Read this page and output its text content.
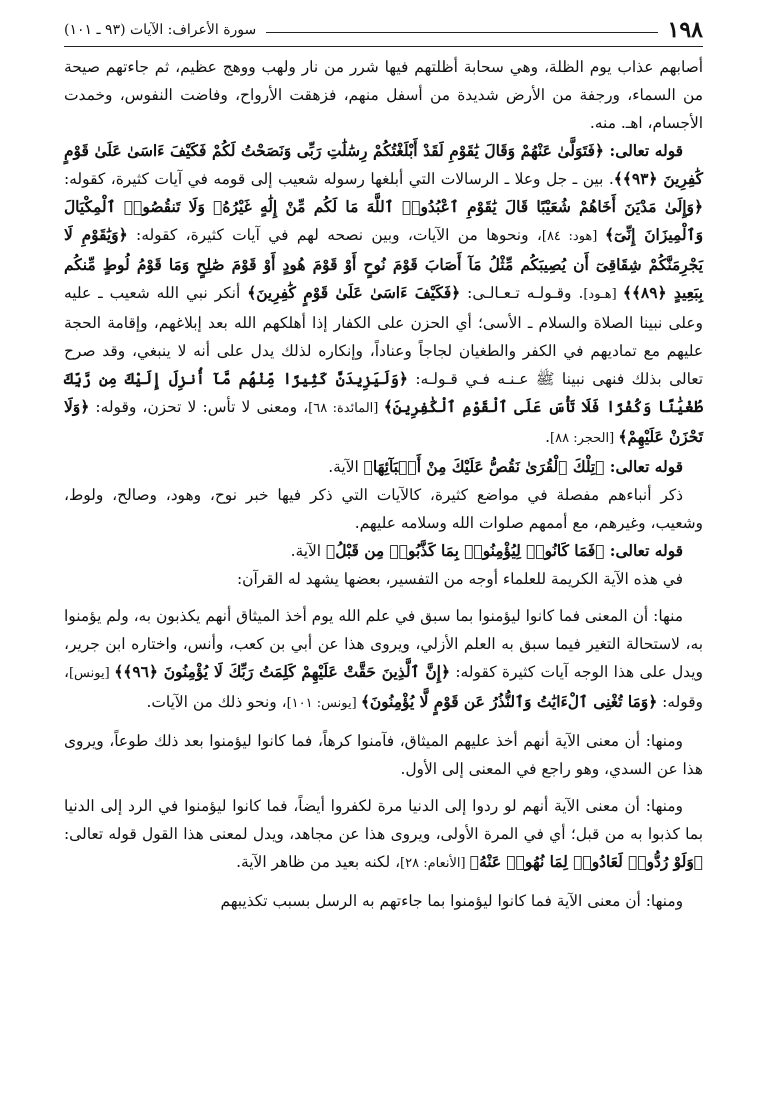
١٩٨
سورة الأعراف: الآيات (٩٣ ـ ١٠١)

أصابهم عذاب يوم الظلة، وهي سحابة أظلتهم فيها شرر من نار ولهب ووهج عظيم، ثم جاءتهم صيحة من السماء، ورجفة من الأرض شديدة من أسفل منهم، فزهقت الأرواح، وفاضت النفوس، وخمدت الأجسام، اهـ. منه.

قوله تعالى: ﴿فَتَوَلَّىٰ عَنْهُمْ وَقَالَ يَٰقَوْمِ لَقَدْ أَبْلَغْتُكُمْ رِسَٰلَٰتِ رَبِّى وَنَصَحْتُ لَكُمْ فَكَيْفَ ءَاسَىٰ عَلَىٰ قَوْمٍ كَٰفِرِينَ ﴿٩٣﴾﴾. بين ـ جل وعلا ـ الرسالات التي أبلغها رسوله شعيب إلى قومه في آيات كثيرة، كقوله: ﴿وَإِلَىٰ مَدْيَنَ أَخَاهُمْ شُعَيْبًا قَالَ يَٰقَوْمِ ٱعْبُدُوا۟ ٱللَّهَ مَا لَكُم مِّنْ إِلَٰهٍ غَيْرُهُۥ وَلَا تَنقُصُوا۟ ٱلْمِكْيَالَ وَٱلْمِيزَانَ إِنِّىٓ﴾ [هود: ٨٤]، ونحوها من الآيات، وبين نصحه لهم في آيات كثيرة، كقوله: ﴿وَيَٰقَوْمِ لَا يَجْرِمَنَّكُمْ شِقَاقِىٓ أَن يُصِيبَكُم مِّثْلُ مَآ أَصَابَ قَوْمَ نُوحٍ أَوْ قَوْمَ هُودٍ أَوْ قَوْمَ صَٰلِحٍ وَمَا قَوْمُ لُوطٍ مِّنكُم بِبَعِيدٍ ﴿٨٩﴾﴾ [هـود]. وقـولـه تـعـالـى: ﴿فَكَيْفَ ءَاسَىٰ عَلَىٰ قَوْمٍ كَٰفِرِينَ﴾ أنكر نبي الله شعيب ـ عليه وعلى نبينا الصلاة والسلام ـ الأسى؛ أي الحزن على الكفار إذا أهلكهم الله بعد إبلاغهم، وإقامة الحجة عليهم مع تماديهم في الكفر والطغيان لجاجاً وعناداً، وإنكاره لذلك يدل على أنه لا ينبغي، وقد صرح تعالى بذلك فنهى نبينا ﷺ عـنـه فـي قـولـه: ﴿وَلَيَزِيدَنَّ كَثِيرًا مِّنْهُم مَّآ أُنزِلَ إِلَيْكَ مِن رَّبِّكَ طُغْيَٰنًا وَكُفْرًا فَلَا تَأْسَ عَلَى ٱلْقَوْمِ ٱلْكَٰفِرِينَ﴾ [المائدة: ٦٨]، ومعنى لا تأس: لا تحزن، وقوله: ﴿وَلَا تَحْزَنْ عَلَيْهِمْ﴾ [الحجر: ٨٨].

قوله تعالى: ﴿تِلْكَ ٱلْقُرَىٰ نَقُصُّ عَلَيْكَ مِنْ أَنۢبَآئِهَا﴾ الآية.

ذكر أنباءهم مفصلة في مواضع كثيرة، كالآيات التي ذكر فيها خبر نوح، وهود، وصالح، ولوط، وشعيب، وغيرهم، مع أممهم صلوات الله وسلامه عليهم.

قوله تعالى: ﴿فَمَا كَانُوا۟ لِيُؤْمِنُوا۟ بِمَا كَذَّبُوا۟ مِن قَبْلُ﴾ الآية.

في هذه الآية الكريمة للعلماء أوجه من التفسير، بعضها يشهد له القرآن:

منها: أن المعنى فما كانوا ليؤمنوا بما سبق في علم الله يوم أخذ الميثاق أنهم يكذبون به، ولم يؤمنوا به، لاستحالة التغير فيما سبق به العلم الأزلي، ويروى هذا عن أبي بن كعب، وأنس، واختاره ابن جرير، ويدل على هذا الوجه آيات كثيرة كقوله: ﴿إِنَّ ٱلَّذِينَ حَقَّتْ عَلَيْهِمْ كَلِمَتُ رَبِّكَ لَا يُؤْمِنُونَ ﴿٩٦﴾﴾ [يونس]، وقوله: ﴿وَمَا تُغْنِى ٱلْءَايَٰتُ وَٱلنُّذُرُ عَن قَوْمٍ لَّا يُؤْمِنُونَ﴾ [يونس: ١٠١]، ونحو ذلك من الآيات.

ومنها: أن معنى الآية أنهم أخذ عليهم الميثاق، فآمنوا كرهاً، فما كانوا ليؤمنوا بعد ذلك طوعاً، ويروى هذا عن السدي، وهو راجع في المعنى إلى الأول.

ومنها: أن معنى الآية أنهم لو ردوا إلى الدنيا مرة لكفروا أيضاً، فما كانوا ليؤمنوا في الرد إلى الدنيا بما كذبوا به من قبل؛ أي في المرة الأولى، ويروى هذا عن مجاهد، ويدل لمعنى هذا القول قوله تعالى: ﴿وَلَوْ رُدُّوا۟ لَعَادُوا۟ لِمَا نُهُوا۟ عَنْهُ﴾ [الأنعام: ٢٨]، لكنه بعيد من ظاهر الآية.

ومنها: أن معنى الآية فما كانوا ليؤمنوا بما جاءتهم به الرسل بسبب تكذيبهم
